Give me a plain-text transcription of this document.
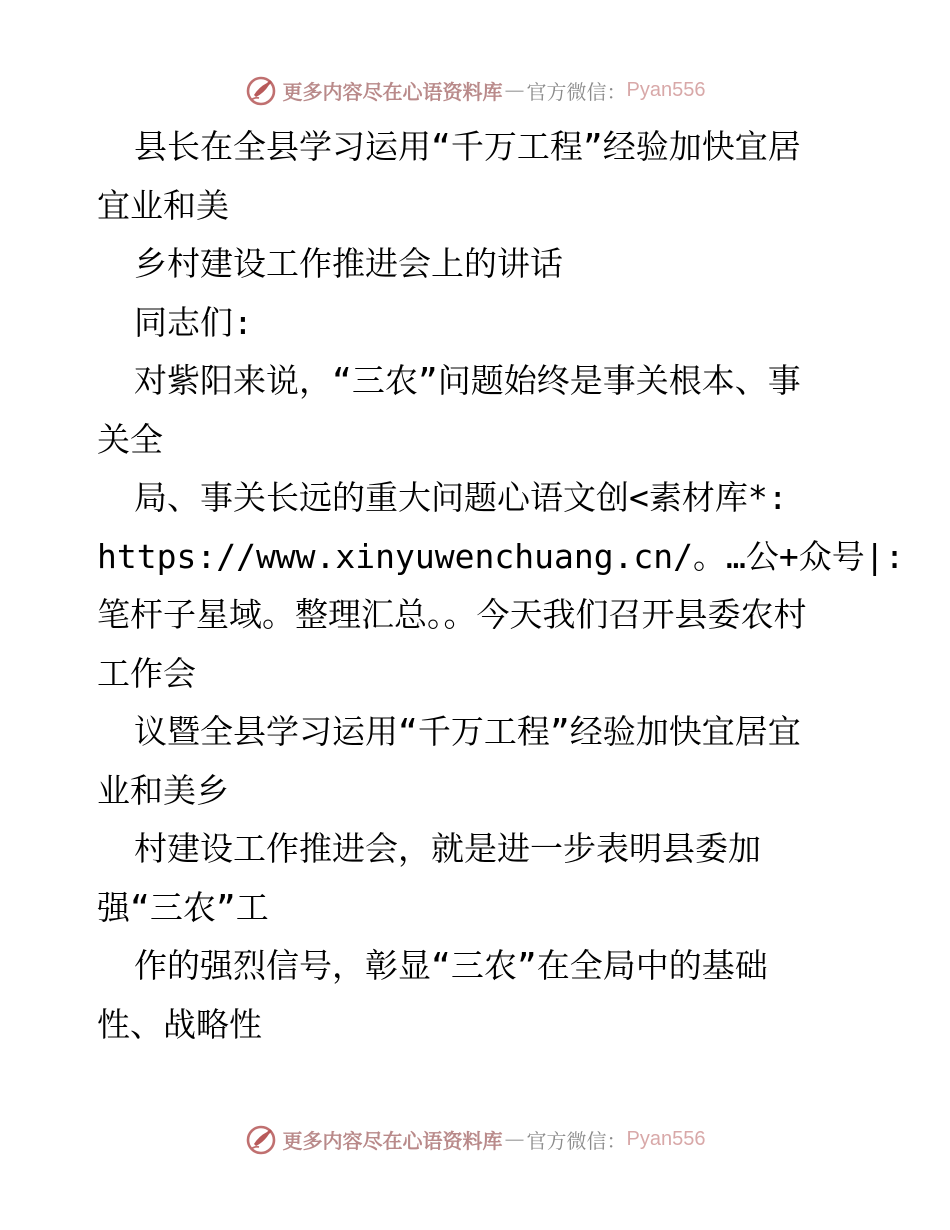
更多内容尽在心语资料库 — 官方微信： Pyan556
县长在全县学习运用“千万工程”经验加快宜居
宜业和美
乡村建设工作推进会上的讲话
同志们:
对紫阳来说，“三农”问题始终是事关根本、事
关全
局、事关长远的重大问题心语文创<素材库*:
https://www.xinyuwenchuang.cn/。…公+众号|:
笔杆子星域。整理汇总。。今天我们召开县委农村
工作会
议暨全县学习运用“千万工程”经验加快宜居宜
业和美乡
村建设工作推进会，就是进一步表明县委加
强“三农”工
作的强烈信号，彰显“三农”在全局中的基础
性、战略性
更多内容尽在心语资料库 — 官方微信： Pyan556
